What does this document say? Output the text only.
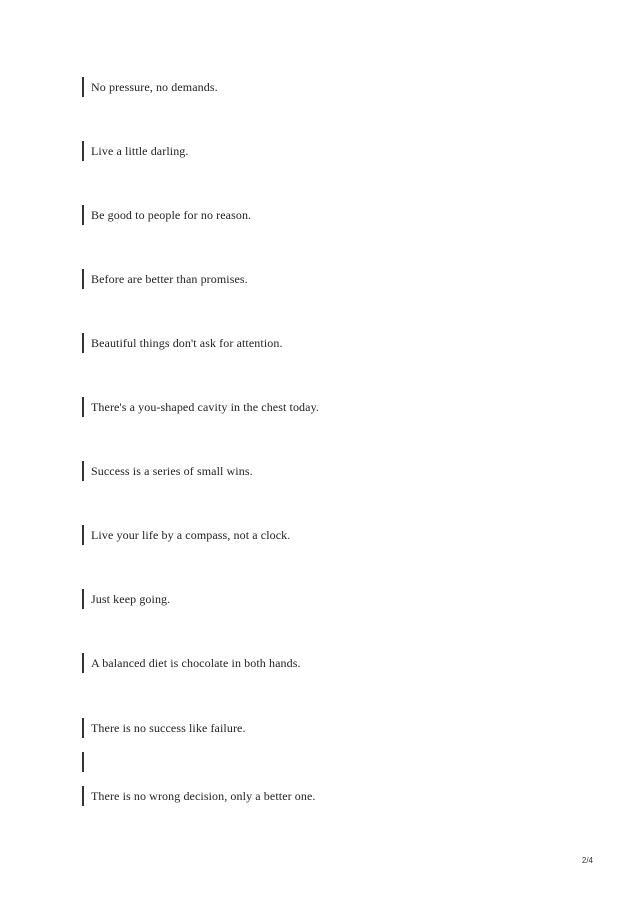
No pressure, no demands.
Live a little darling.
Be good to people for no reason.
Before are better than promises.
Beautiful things don't ask for attention.
There's a you-shaped cavity in the chest today.
Success is a series of small wins.
Live your life by a compass, not a clock.
Just keep going.
A balanced diet is chocolate in both hands.
There is no success like failure.
There is no wrong decision, only a better one.
2/4
